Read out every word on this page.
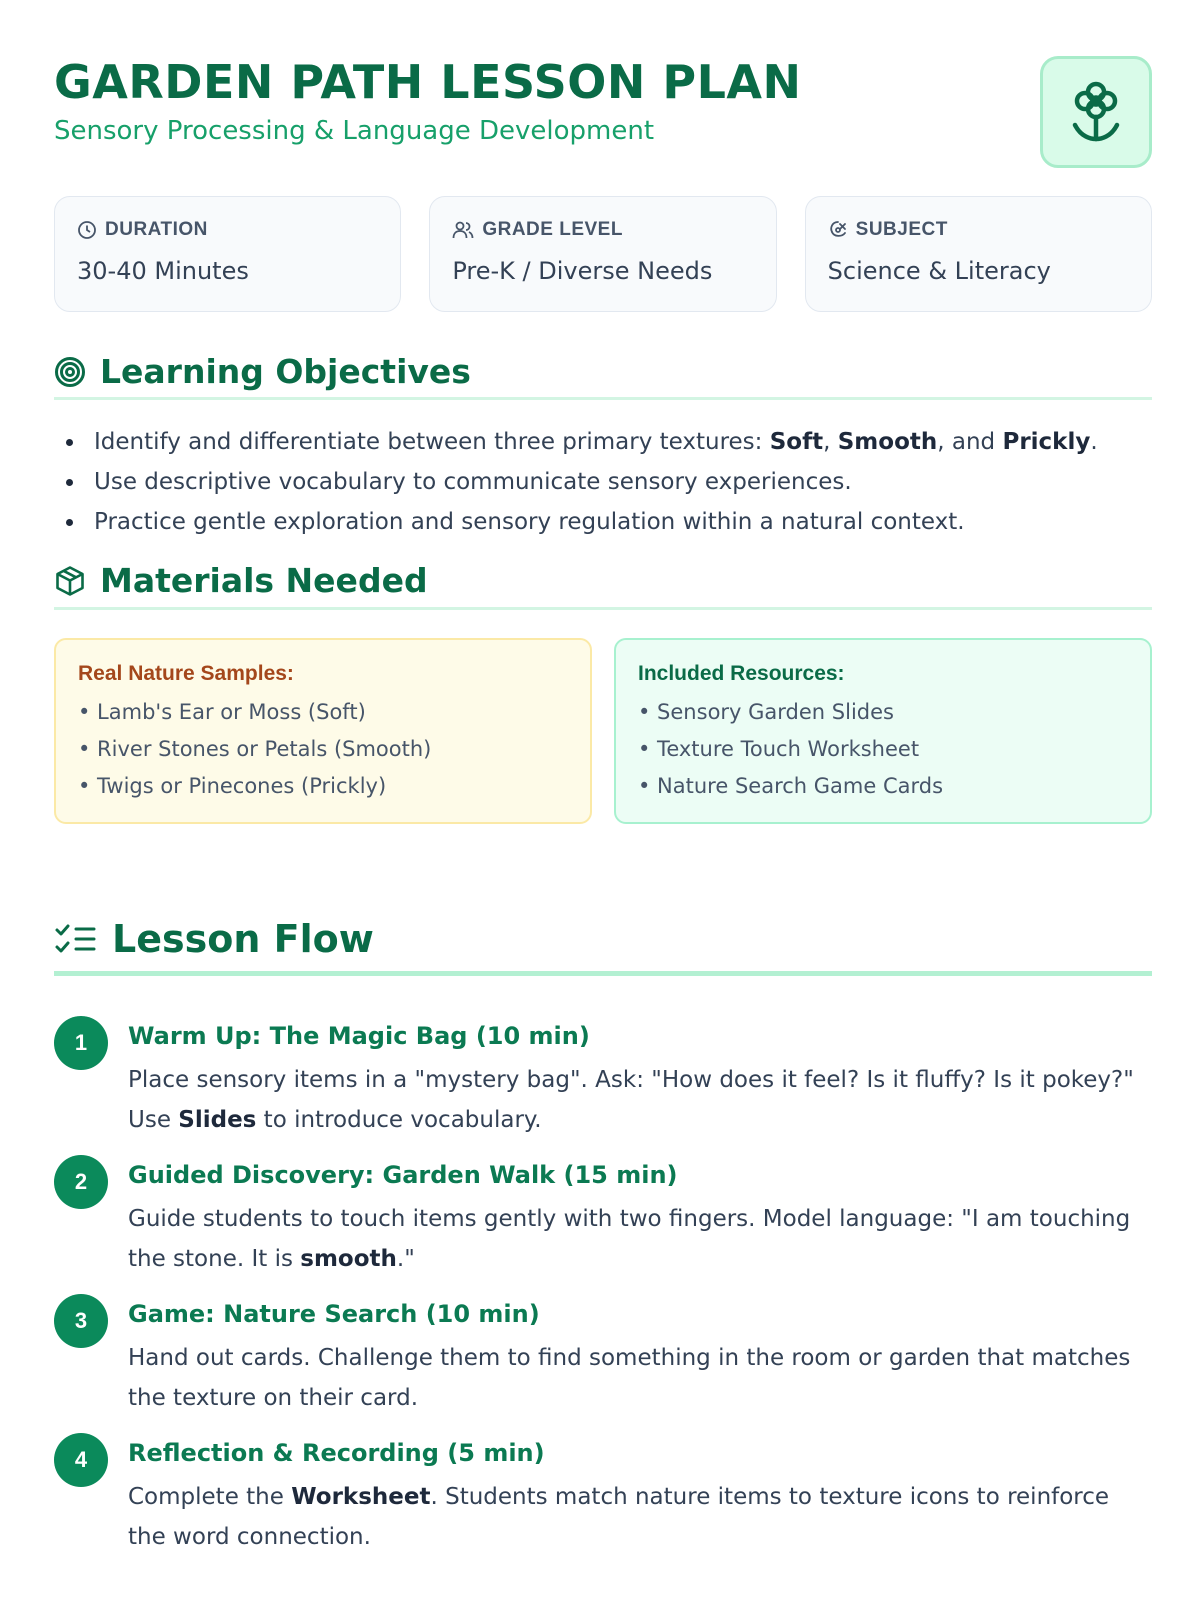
GARDEN PATH LESSON PLAN
Sensory Processing & Language Development
DURATION
30-40 Minutes
GRADE LEVEL
Pre-K / Diverse Needs
SUBJECT
Science & Literacy
Learning Objectives
Identify and differentiate between three primary textures: Soft, Smooth, and Prickly.
Use descriptive vocabulary to communicate sensory experiences.
Practice gentle exploration and sensory regulation within a natural context.
Materials Needed
Real Nature Samples:
• Lamb's Ear or Moss (Soft)
• River Stones or Petals (Smooth)
• Twigs or Pinecones (Prickly)
Included Resources:
• Sensory Garden Slides
• Texture Touch Worksheet
• Nature Search Game Cards
Lesson Flow
1	Warm Up: The Magic Bag (10 min)
Place sensory items in a "mystery bag". Ask: "How does it feel? Is it fluffy? Is it pokey?" Use Slides to introduce vocabulary.
2	Guided Discovery: Garden Walk (15 min)
Guide students to touch items gently with two fingers. Model language: "I am touching the stone. It is smooth."
3	Game: Nature Search (10 min)
Hand out cards. Challenge them to find something in the room or garden that matches the texture on their card.
4	Reflection & Recording (5 min)
Complete the Worksheet. Students match nature items to texture icons to reinforce the word connection.
